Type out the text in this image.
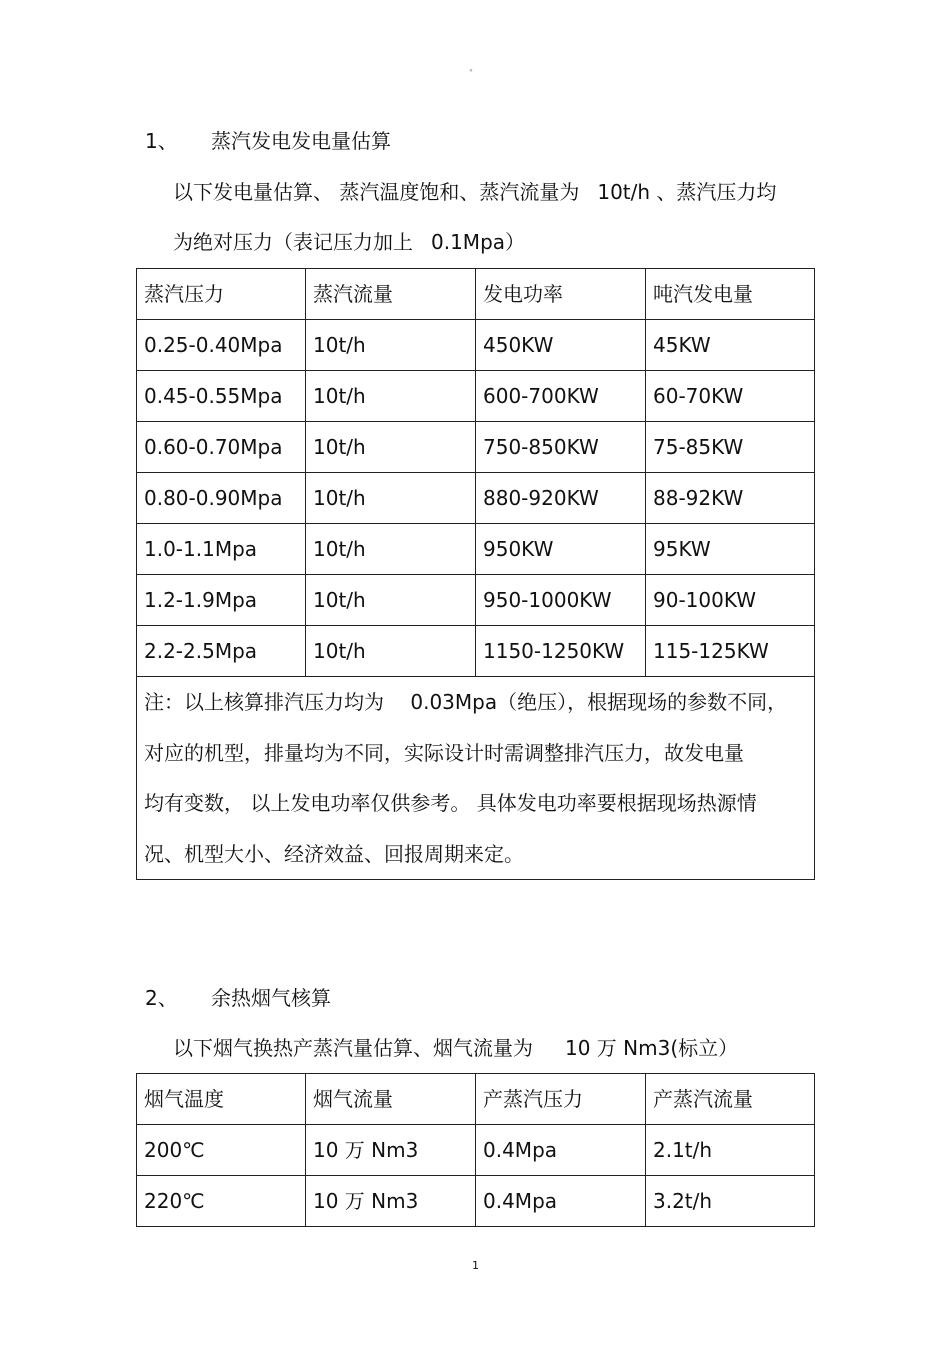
°
1、 蒸汽发电发电量估算
以下发电量估算、 蒸汽温度饱和、蒸汽流量为 10t/h 、蒸汽压力均
为绝对压力（表记压力加上 0.1Mpa）
蒸汽压力	蒸汽流量	发电功率	吨汽发电量
0.25-0.40Mpa	10t/h	450KW	45KW
0.45-0.55Mpa	10t/h	600-700KW	60-70KW
0.60-0.70Mpa	10t/h	750-850KW	75-85KW
0.80-0.90Mpa	10t/h	880-920KW	88-92KW
1.0-1.1Mpa	10t/h	950KW	95KW
1.2-1.9Mpa	10t/h	950-1000KW	90-100KW
2.2-2.5Mpa	10t/h	1150-1250KW	115-125KW

注：以上核算排汽压力均为　 0.03Mpa（绝压），根据现场的参数不同，
对应的机型，排量均为不同，实际设计时需调整排汽压力，故发电量
均有变数， 以上发电功率仅供参考。 具体发电功率要根据现场热源情
况、机型大小、经济效益、回报周期来定。			
2、 余热烟气核算
以下烟气换热产蒸汽量估算、烟气流量为 10 万 Nm3(标立）
烟气温度	烟气流量	产蒸汽压力	产蒸汽流量
200℃	10 万 Nm3	0.4Mpa	2.1t/h
220℃	10 万 Nm3	0.4Mpa	3.2t/h
1
